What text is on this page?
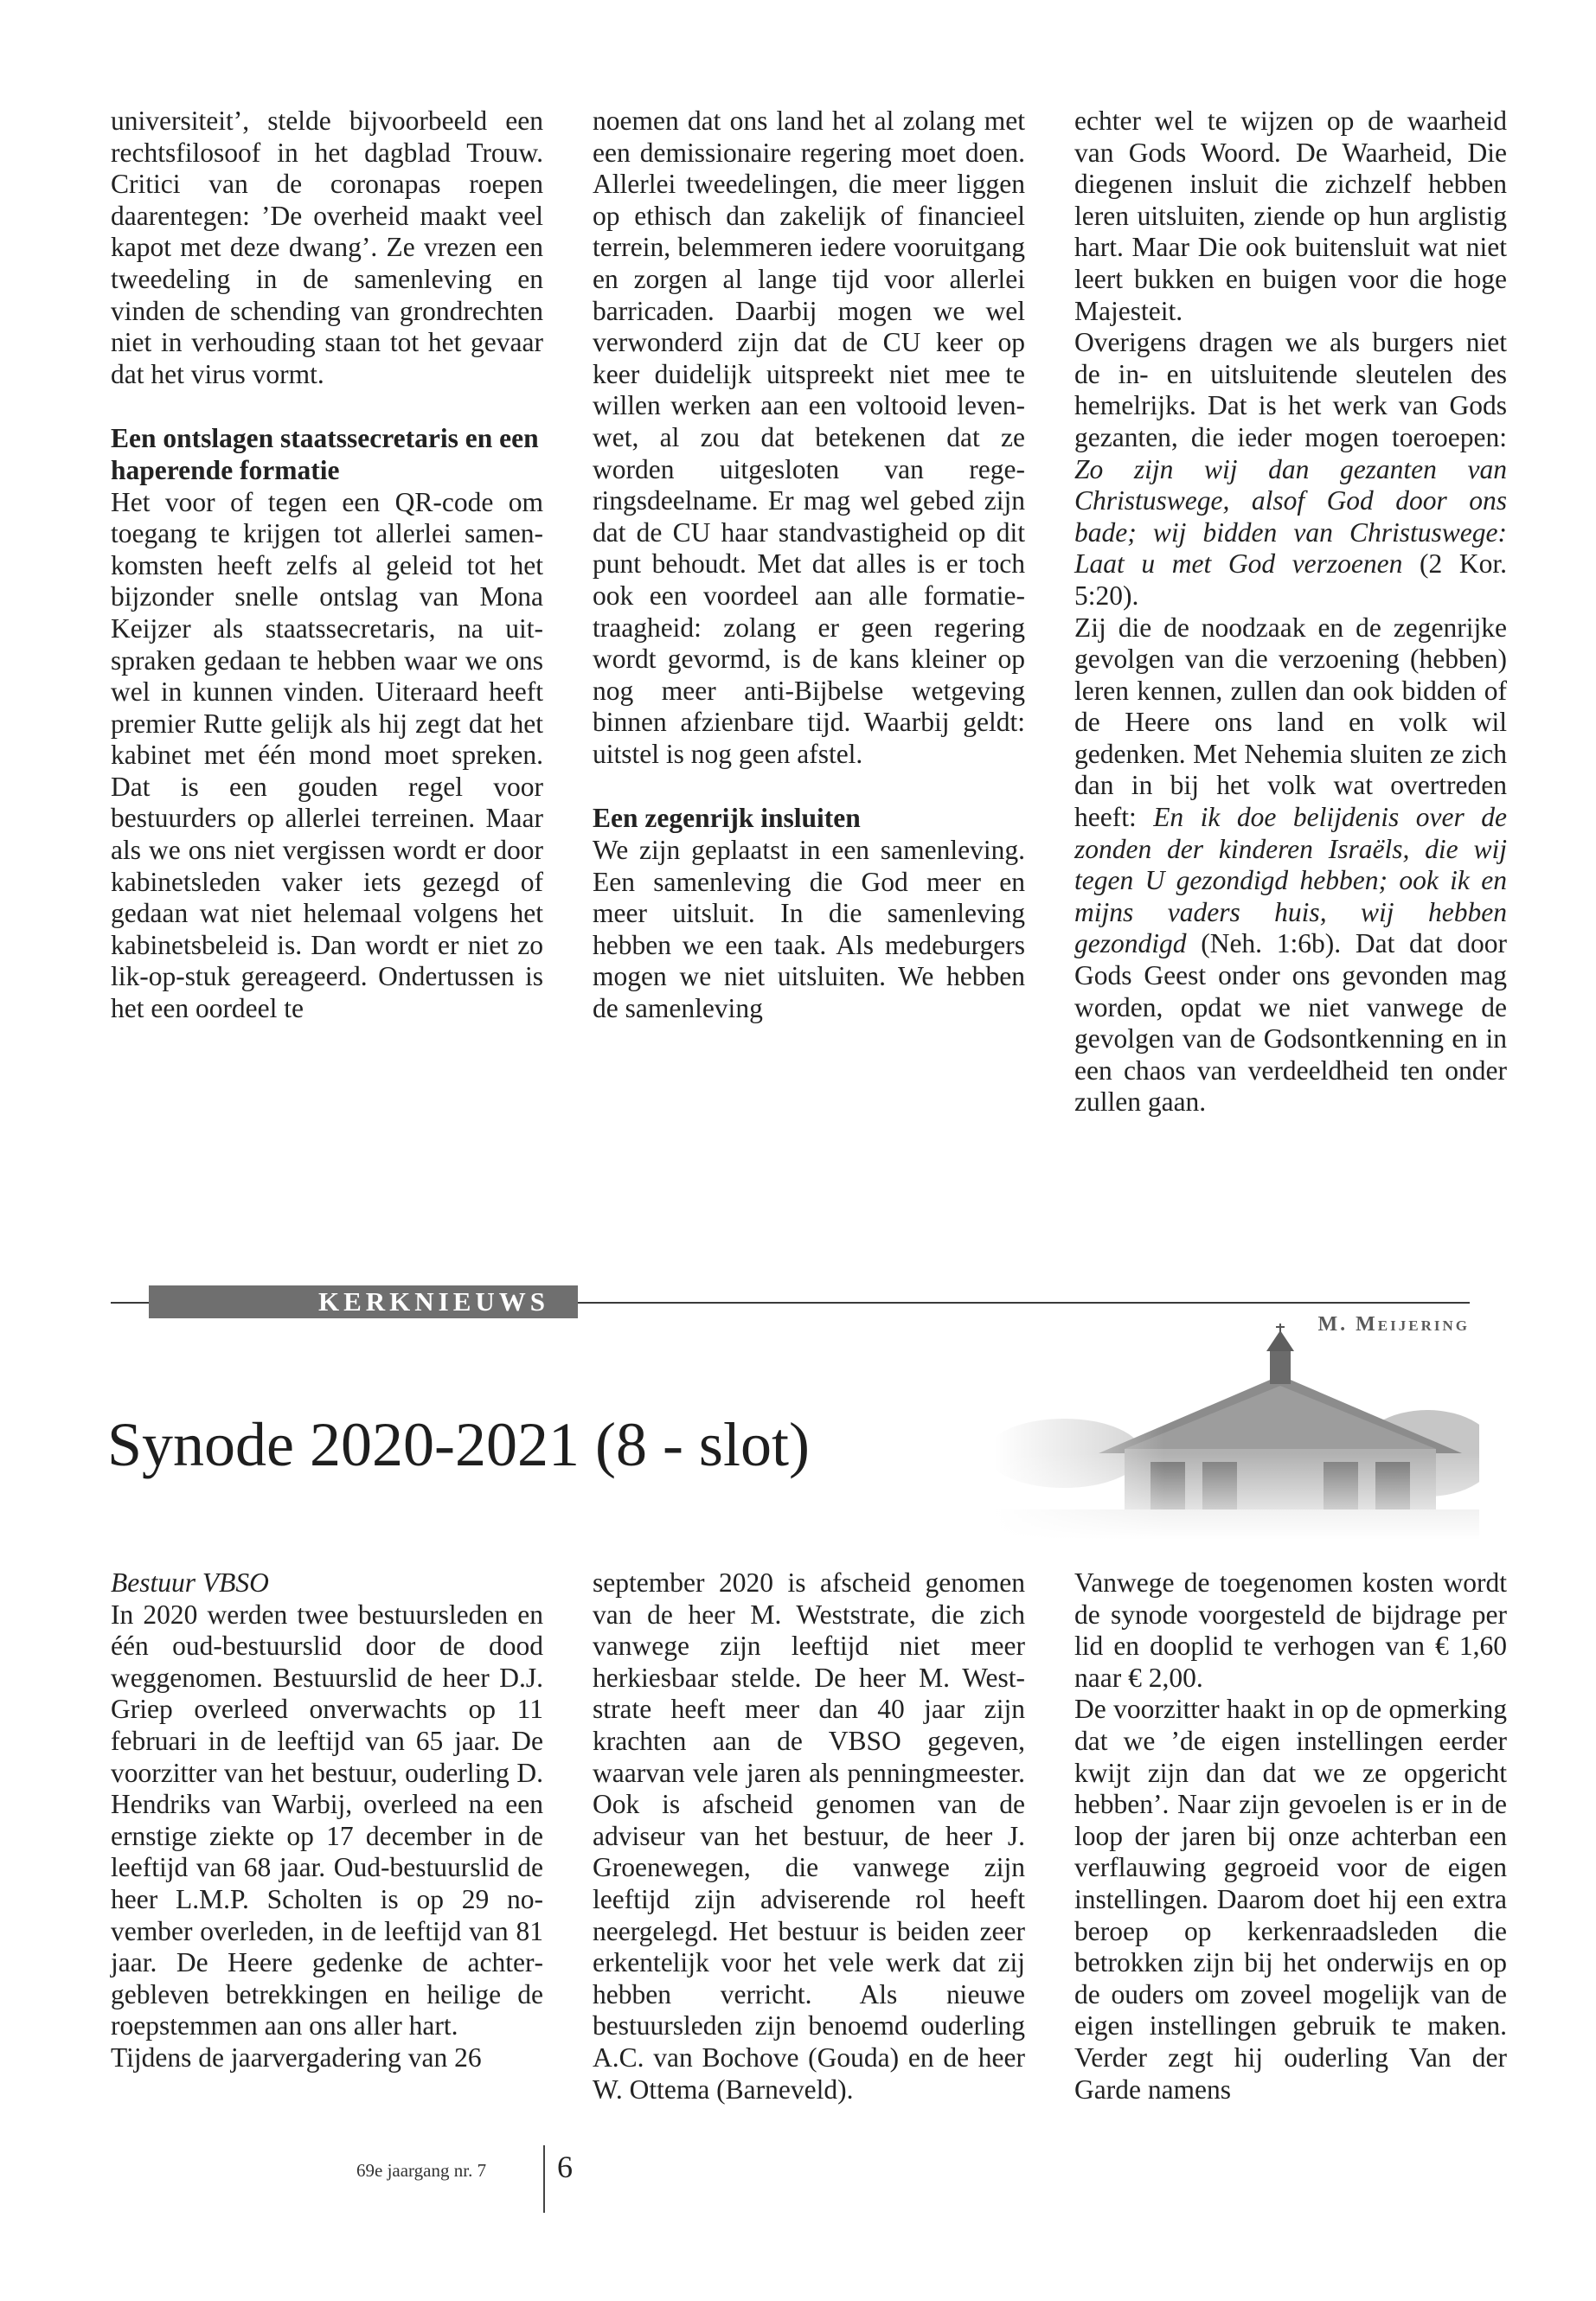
universiteit’, stelde bijvoorbeeld een rechtsfilosoof in het dagblad Trouw. Critici van de coronapas roepen daarentegen: ’De overheid maakt veel kapot met deze dwang’. Ze vrezen een tweedeling in de samenleving en vinden de schending van grondrechten niet in verhouding staan tot het gevaar dat het virus vormt.

Een ontslagen staatssecretaris en een haperende formatie

Het voor of tegen een QR-code om toegang te krijgen tot allerlei samenkomsten heeft zelfs al geleid tot het bijzonder snelle ontslag van Mona Keijzer als staatssecretaris, na uitspraken gedaan te hebben waar we ons wel in kunnen vinden. Uiteraard heeft premier Rutte gelijk als hij zegt dat het kabinet met één mond moet spreken. Dat is een gouden regel voor bestuurders op allerlei terreinen. Maar als we ons niet vergissen wordt er door kabinetsleden vaker iets gezegd of gedaan wat niet helemaal volgens het kabinetsbeleid is. Dan wordt er niet zo lik-op-stuk gereageerd. Ondertussen is het een oordeel te

noemen dat ons land het al zolang met een demissionaire regering moet doen. Allerlei tweedelingen, die meer liggen op ethisch dan zakelijk of financieel terrein, belemmeren iedere vooruitgang en zorgen al lange tijd voor allerlei barricaden. Daarbij mogen we wel verwonderd zijn dat de CU keer op keer duidelijk uitspreekt niet mee te willen werken aan een voltooid leven-wet, al zou dat betekenen dat ze worden uitgesloten van regeringsdeelname. Er mag wel gebed zijn dat de CU haar standvastigheid op dit punt behoudt. Met dat alles is er toch ook een voordeel aan alle formatie-traagheid: zolang er geen regering wordt gevormd, is de kans kleiner op nog meer anti-Bijbelse wetgeving binnen afzienbare tijd. Waarbij geldt: uitstel is nog geen afstel.

Een zegenrijk insluiten

We zijn geplaatst in een samenleving. Een samenleving die God meer en meer uitsluit. In die samenleving hebben we een taak. Als medeburgers mogen we niet uitsluiten. We hebben de samenleving

echter wel te wijzen op de waarheid van Gods Woord. De Waarheid, Die diegenen insluit die zichzelf hebben leren uitsluiten, ziende op hun arglistig hart. Maar Die ook buitensluit wat niet leert bukken en buigen voor die hoge Majesteit.

Overigens dragen we als burgers niet de in- en uitsluitende sleutelen des hemelrijks. Dat is het werk van Gods gezanten, die ieder mogen toeroepen: Zo zijn wij dan gezanten van Christuswege, alsof God door ons bade; wij bidden van Christuswege: Laat u met God verzoenen (2 Kor. 5:20).

Zij die de noodzaak en de zegenrijke gevolgen van die verzoening (hebben) leren kennen, zullen dan ook bidden of de Heere ons land en volk wil gedenken. Met Nehemia sluiten ze zich dan in bij het volk wat overtreden heeft: En ik doe belijdenis over de zonden der kinderen Israëls, die wij tegen U gezondigd hebben; ook ik en mijns vaders huis, wij hebben gezondigd (Neh. 1:6b). Dat dat door Gods Geest onder ons gevonden mag worden, opdat we niet vanwege de gevolgen van de Godsontkenning en in een chaos van verdeeldheid ten onder zullen gaan.

KERKNIEUWS
Synode 2020-2021 (8 - slot)

Bestuur VBSO

In 2020 werden twee bestuursleden en één oud-bestuurslid door de dood weggenomen. Bestuurslid de heer D.J. Griep overleed onverwachts op 11 februari in de leeftijd van 65 jaar. De voorzitter van het bestuur, ouderling D. Hendriks van Warbij, overleed na een ernstige ziekte op 17 december in de leeftijd van 68 jaar. Oud-bestuurslid de heer L.M.P. Scholten is op 29 november overleden, in de leeftijd van 81 jaar. De Heere gedenke de achtergebleven betrekkingen en heilige de roepstemmen aan ons aller hart.

Tijdens de jaarvergadering van 26

september 2020 is afscheid genomen van de heer M. Weststrate, die zich vanwege zijn leeftijd niet meer herkiesbaar stelde. De heer M. Weststrate heeft meer dan 40 jaar zijn krachten aan de VBSO gegeven, waarvan vele jaren als penningmeester. Ook is afscheid genomen van de adviseur van het bestuur, de heer J. Groenewegen, die vanwege zijn leeftijd zijn adviserende rol heeft neergelegd. Het bestuur is beiden zeer erkentelijk voor het vele werk dat zij hebben verricht. Als nieuwe bestuursleden zijn benoemd ouderling A.C. van Bochove (Gouda) en de heer W. Ottema (Barneveld).

Vanwege de toegenomen kosten wordt de synode voorgesteld de bijdrage per lid en dooplid te verhogen van € 1,60 naar € 2,00.

De voorzitter haakt in op de opmerking dat we ’de eigen instellingen eerder kwijt zijn dan dat we ze opgericht hebben’. Naar zijn gevoelen is er in de loop der jaren bij onze achterban een verflauwing gegroeid voor de eigen instellingen. Daarom doet hij een extra beroep op kerkenraadsleden die betrokken zijn bij het onderwijs en op de ouders om zoveel mogelijk van de eigen instellingen gebruik te maken. Verder zegt hij ouderling Van der Garde namens

69e jaargang nr. 7 6
